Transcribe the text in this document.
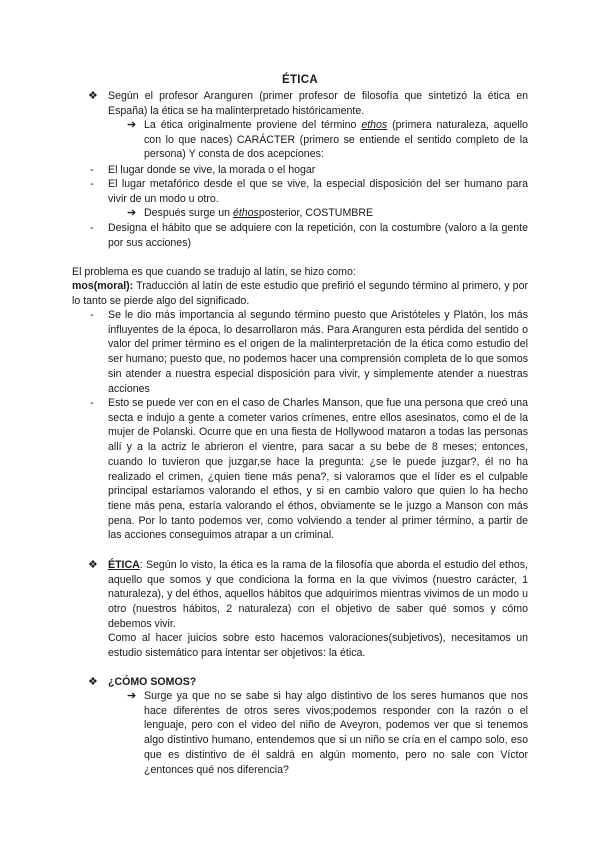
ÉTICA
❖ Según el profesor Aranguren (primer profesor de filosofía que sintetizó la ética en España) la ética se ha malinterpretado históricamente.
➔ La ética originalmente proviene del término ethos (primera naturaleza, aquello con lo que naces) CARÁCTER (primero se entiende el sentido completo de la persona) Y consta de dos acepciones:
- El lugar donde se vive, la morada o el hogar
- El lugar metafórico desde el que se vive, la especial disposición del ser humano para vivir de un modo u otro.
➔ Después surge un éthosposterior, COSTUMBRE
- Designa el hábito que se adquiere con la repetición, con la costumbre (valoro a la gente por sus acciones)
El problema es que cuando se tradujo al latín, se hizo como:
mos(moral): Traducción al latín de este estudio que prefirió el segundo término al primero, y por lo tanto se pierde algo del significado.
- Se le dio más importancia al segundo término puesto que Aristóteles y Platón, los más influyentes de la época, lo desarrollaron más. Para Aranguren esta pérdida del sentido o valor del primer término es el origen de la malinterpretación de la ética como estudio del ser humano; puesto que, no podemos hacer una comprensión completa de lo que somos sin atender a nuestra especial disposición para vivir, y simplemente atender a nuestras acciones
- Esto se puede ver con en el caso de Charles Manson, que fue una persona que creó una secta e indujo a gente a cometer varios crímenes, entre ellos asesinatos, como el de la mujer de Polanski. Ocurre que en una fiesta de Hollywood mataron a todas las personas allí y a la actriz le abrieron el vientre, para sacar a su bebe de 8 meses; entonces, cuando lo tuvieron que juzgar,se hace la pregunta: ¿se le puede juzgar?, él no ha realizado el crimen, ¿quien tiene más pena?, si valoramos que el líder es el culpable principal estaríamos valorando el ethos, y si en cambio valoro que quien lo ha hecho tiene más pena, estaría valorando el éthos, obviamente se le juzgo a Manson con más pena. Por lo tanto podemos ver, como volviendo a tender al primer término, a partir de las acciones conseguimos atrapar a un criminal.
❖ ÉTICA: Según lo visto, la ética es la rama de la filosofía que aborda el estudio del ethos, aquello que somos y que condiciona la forma en la que vivimos (nuestro carácter, 1 naturaleza), y del éthos, aquellos hábitos que adquirimos mientras vivimos de un modo u otro (nuestros hábitos, 2 naturaleza) con el objetivo de saber qué somos y cómo debemos vivir.
Como al hacer juicios sobre esto hacemos valoraciones(subjetivos), necesitamos un estudio sistemático para intentar ser objetivos: la ética.
❖ ¿CÓMO SOMOS?
➔ Surge ya que no se sabe si hay algo distintivo de los seres humanos que nos hace diferentes de otros seres vivos;podemos responder con la razón o el lenguaje, pero con el video del niño de Aveyron, podemos ver que si tenemos algo distintivo humano, entendemos que si un niño se cría en el campo solo, eso que es distintivo de él saldrá en algún momento, pero no sale con Víctor ¿entonces qué nos diferencia?
